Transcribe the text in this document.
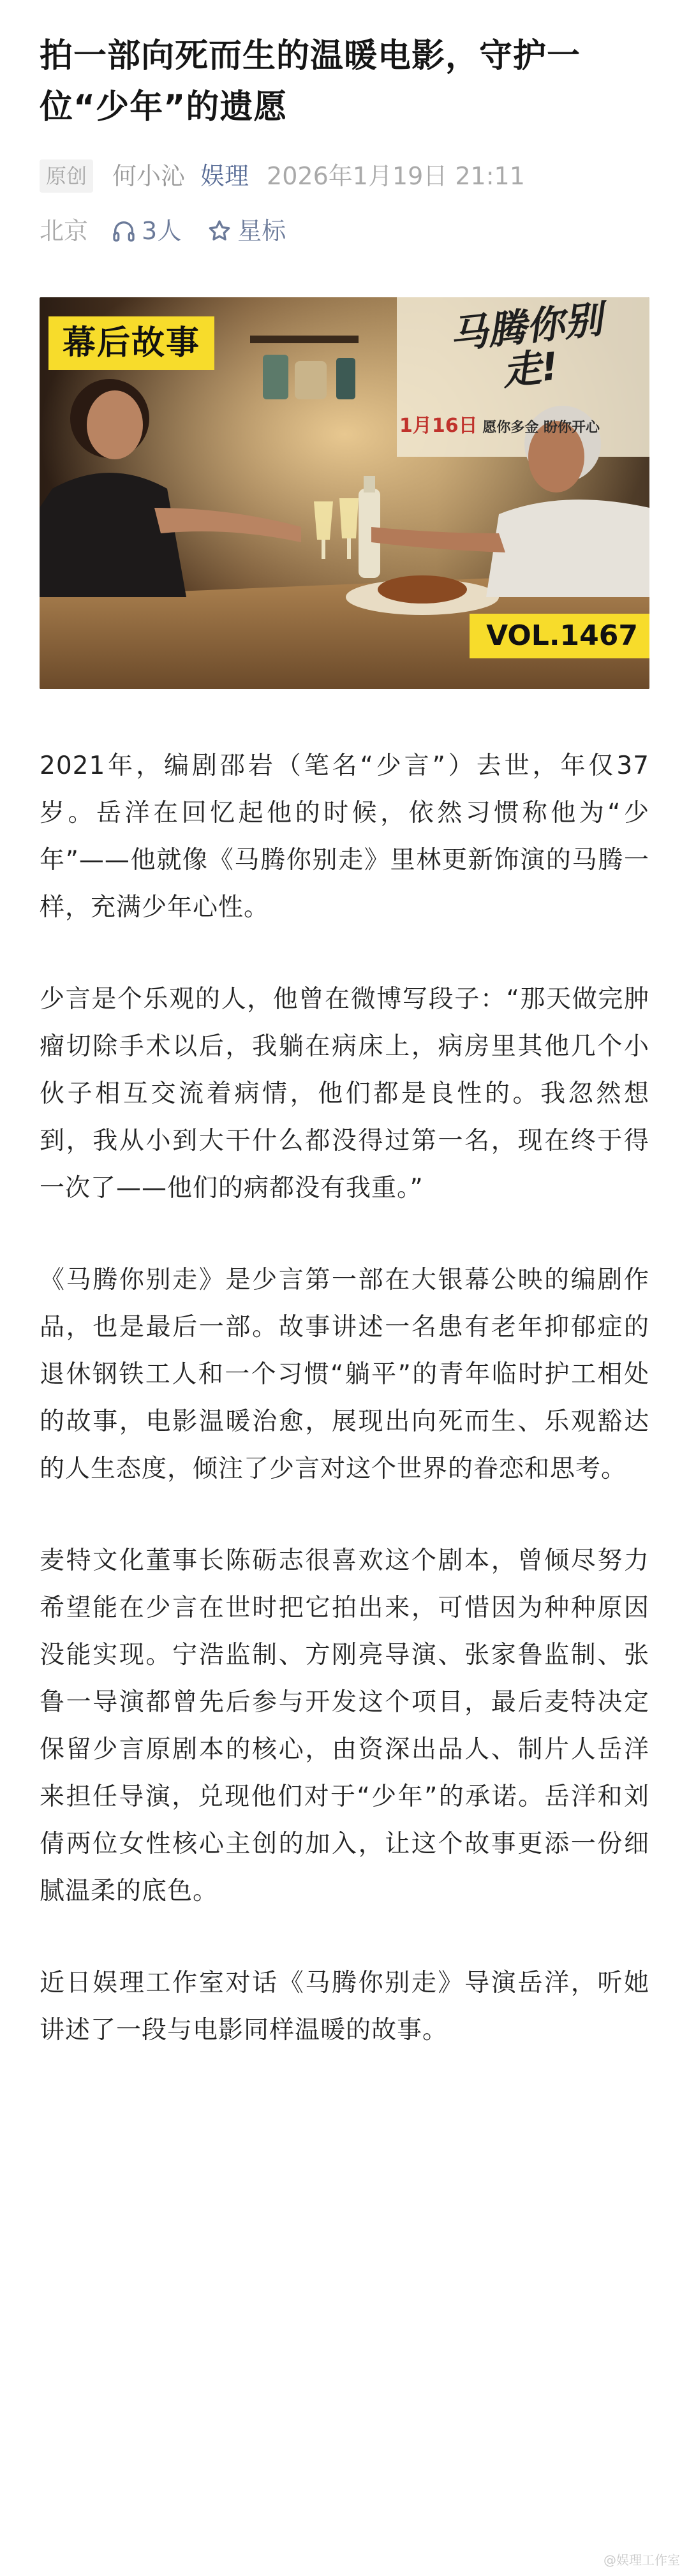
拍一部向死而生的温暖电影，守护一位“少年”的遗愿
原创 何小沁 娱理 2026年1月19日 21:11
北京 3人 星标
幕后故事	马腾你别走!
1月16日 愿你多金 盼你开心
VOL.1467

2021年，编剧邵岩（笔名“少言”）去世，年仅37岁。岳洋在回忆起他的时候，依然习惯称他为“少年”——他就像《马腾你别走》里林更新饰演的马腾一样，充满少年心性。

少言是个乐观的人，他曾在微博写段子：“那天做完肿瘤切除手术以后，我躺在病床上，病房里其他几个小伙子相互交流着病情，他们都是良性的。我忽然想到，我从小到大干什么都没得过第一名，现在终于得一次了——他们的病都没有我重。”

《马腾你别走》是少言第一部在大银幕公映的编剧作品，也是最后一部。故事讲述一名患有老年抑郁症的退休钢铁工人和一个习惯“躺平”的青年临时护工相处的故事，电影温暖治愈，展现出向死而生、乐观豁达的人生态度，倾注了少言对这个世界的眷恋和思考。

麦特文化董事长陈砺志很喜欢这个剧本，曾倾尽努力希望能在少言在世时把它拍出来，可惜因为种种原因没能实现。宁浩监制、方刚亮导演、张家鲁监制、张鲁一导演都曾先后参与开发这个项目，最后麦特决定保留少言原剧本的核心，由资深出品人、制片人岳洋来担任导演，兑现他们对于“少年”的承诺。岳洋和刘倩两位女性核心主创的加入，让这个故事更添一份细腻温柔的底色。

近日娱理工作室对话《马腾你别走》导演岳洋，听她讲述了一段与电影同样温暖的故事。

@娱理工作室
